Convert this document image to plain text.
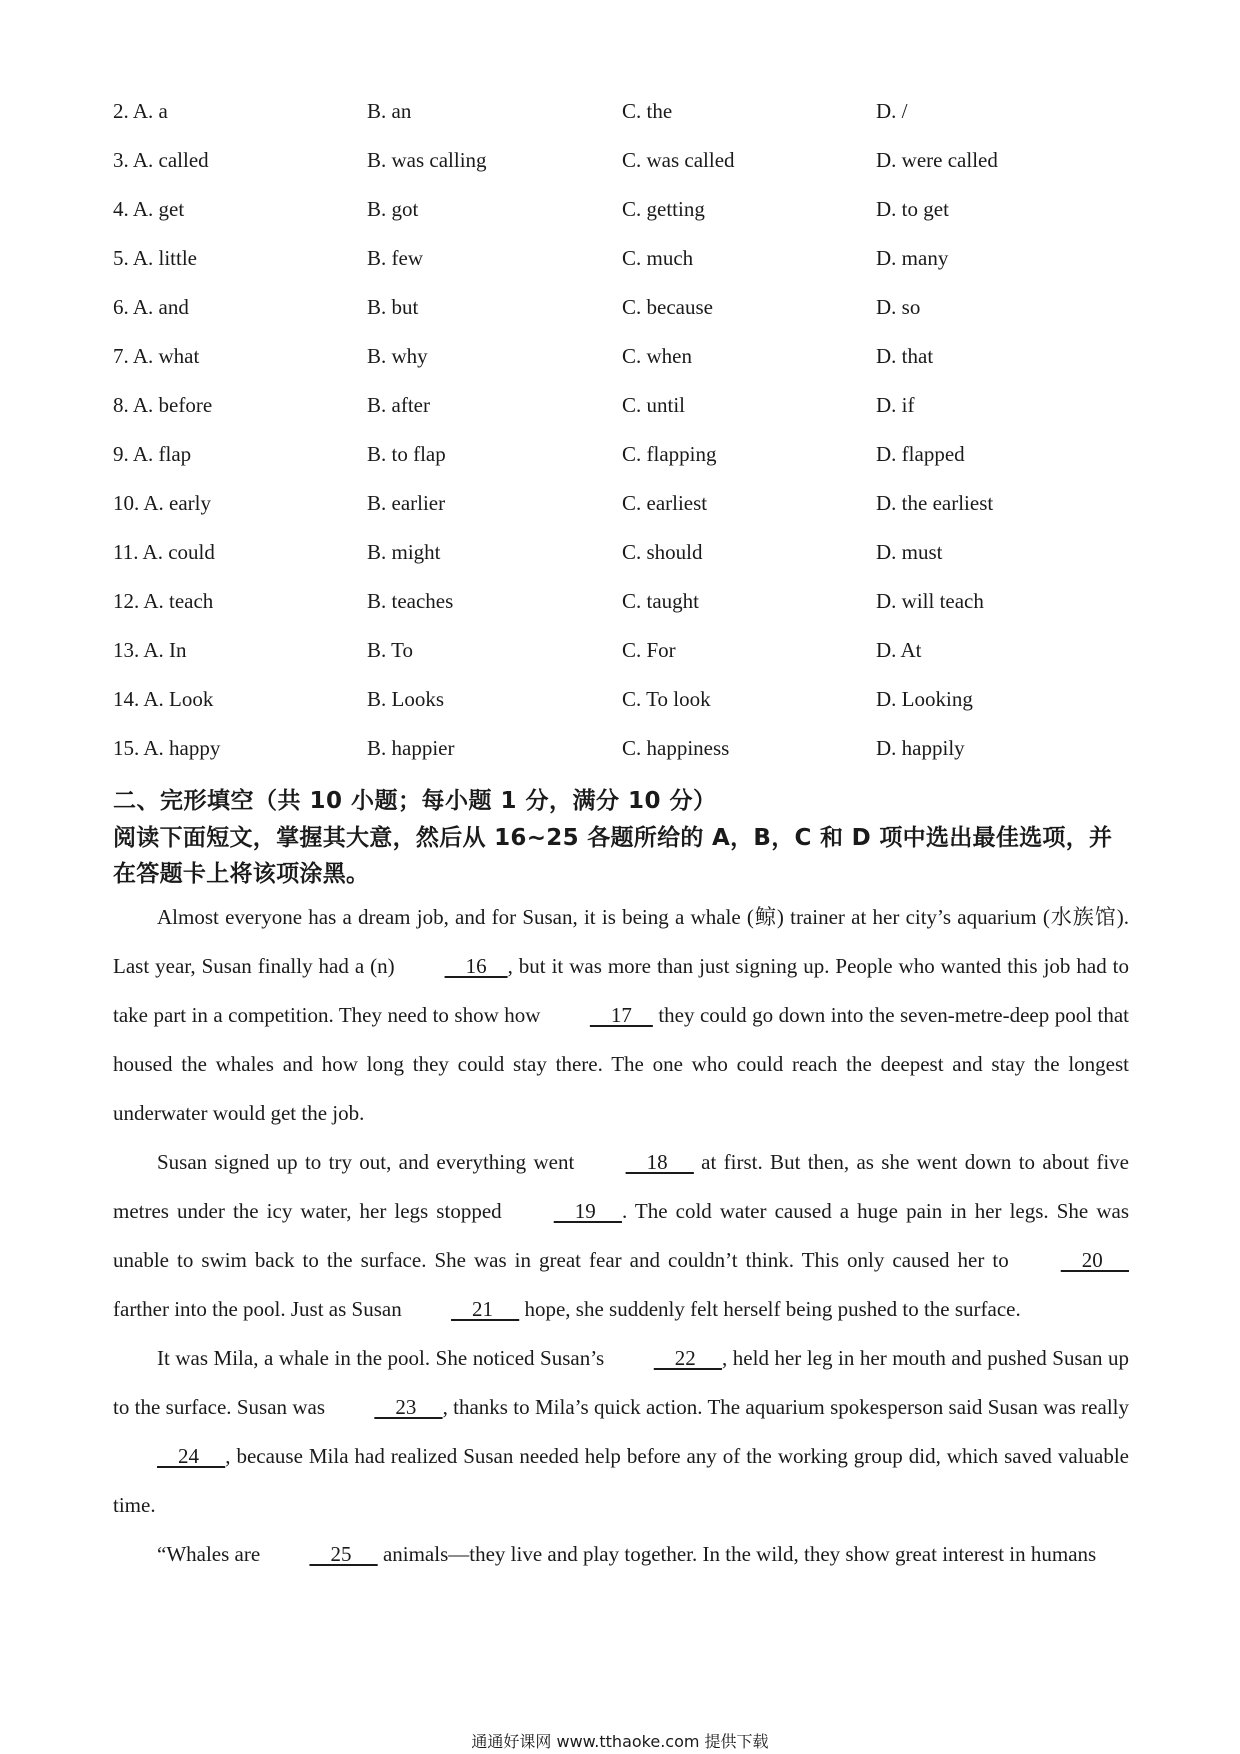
2. A. a	B. an	C. the	D. /
3. A. called	B. was calling	C. was called	D. were called
4. A. get	B. got	C. getting	D. to get
5. A. little	B. few	C. much	D. many
6. A. and	B. but	C. because	D. so
7. A. what	B. why	C. when	D. that
8. A. before	B. after	C. until	D. if
9. A. flap	B. to flap	C. flapping	D. flapped
10. A. early	B. earlier	C. earliest	D. the earliest
11. A. could	B. might	C. should	D. must
12. A. teach	B. teaches	C. taught	D. will teach
13. A. In	B. To	C. For	D. At
14. A. Look	B. Looks	C. To look	D. Looking
15. A. happy	B. happier	C. happiness	D. happily
二、完形填空（共 10 小题；每小题 1 分，满分 10 分）
阅读下面短文，掌握其大意，然后从 16~25 各题所给的 A，B，C 和 D 项中选出最佳选项，并在答题卡上将该项涂黑。

Almost everyone has a dream job, and for Susan, it is being a whale (鲸) trainer at her city’s aquarium (水族馆). Last year, Susan finally had a (n)     16    , but it was more than just signing up. People who wanted this job had to take part in a competition. They need to show how     17     they could go down into the seven-metre-deep pool that housed the whales and how long they could stay there. The one who could reach the deepest and stay the longest underwater would get the job.

Susan signed up to try out, and everything went     18      at first. But then, as she went down to about five metres under the icy water, her legs stopped     19     . The cold water caused a huge pain in her legs. She was unable to swim back to the surface. She was in great fear and couldn’t think. This only caused her to     20      farther into the pool. Just as Susan     21      hope, she suddenly felt herself being pushed to the surface.

It was Mila, a whale in the pool. She noticed Susan’s     22     , held her leg in her mouth and pushed Susan up to the surface. Susan was     23     , thanks to Mila’s quick action. The aquarium spokesperson said Susan was really     24     , because Mila had realized Susan needed help before any of the working group did, which saved valuable time.

“Whales are     25      animals—they live and play together. In the wild, they show great interest in humans

通通好课网 www.tthaoke.com 提供下载
